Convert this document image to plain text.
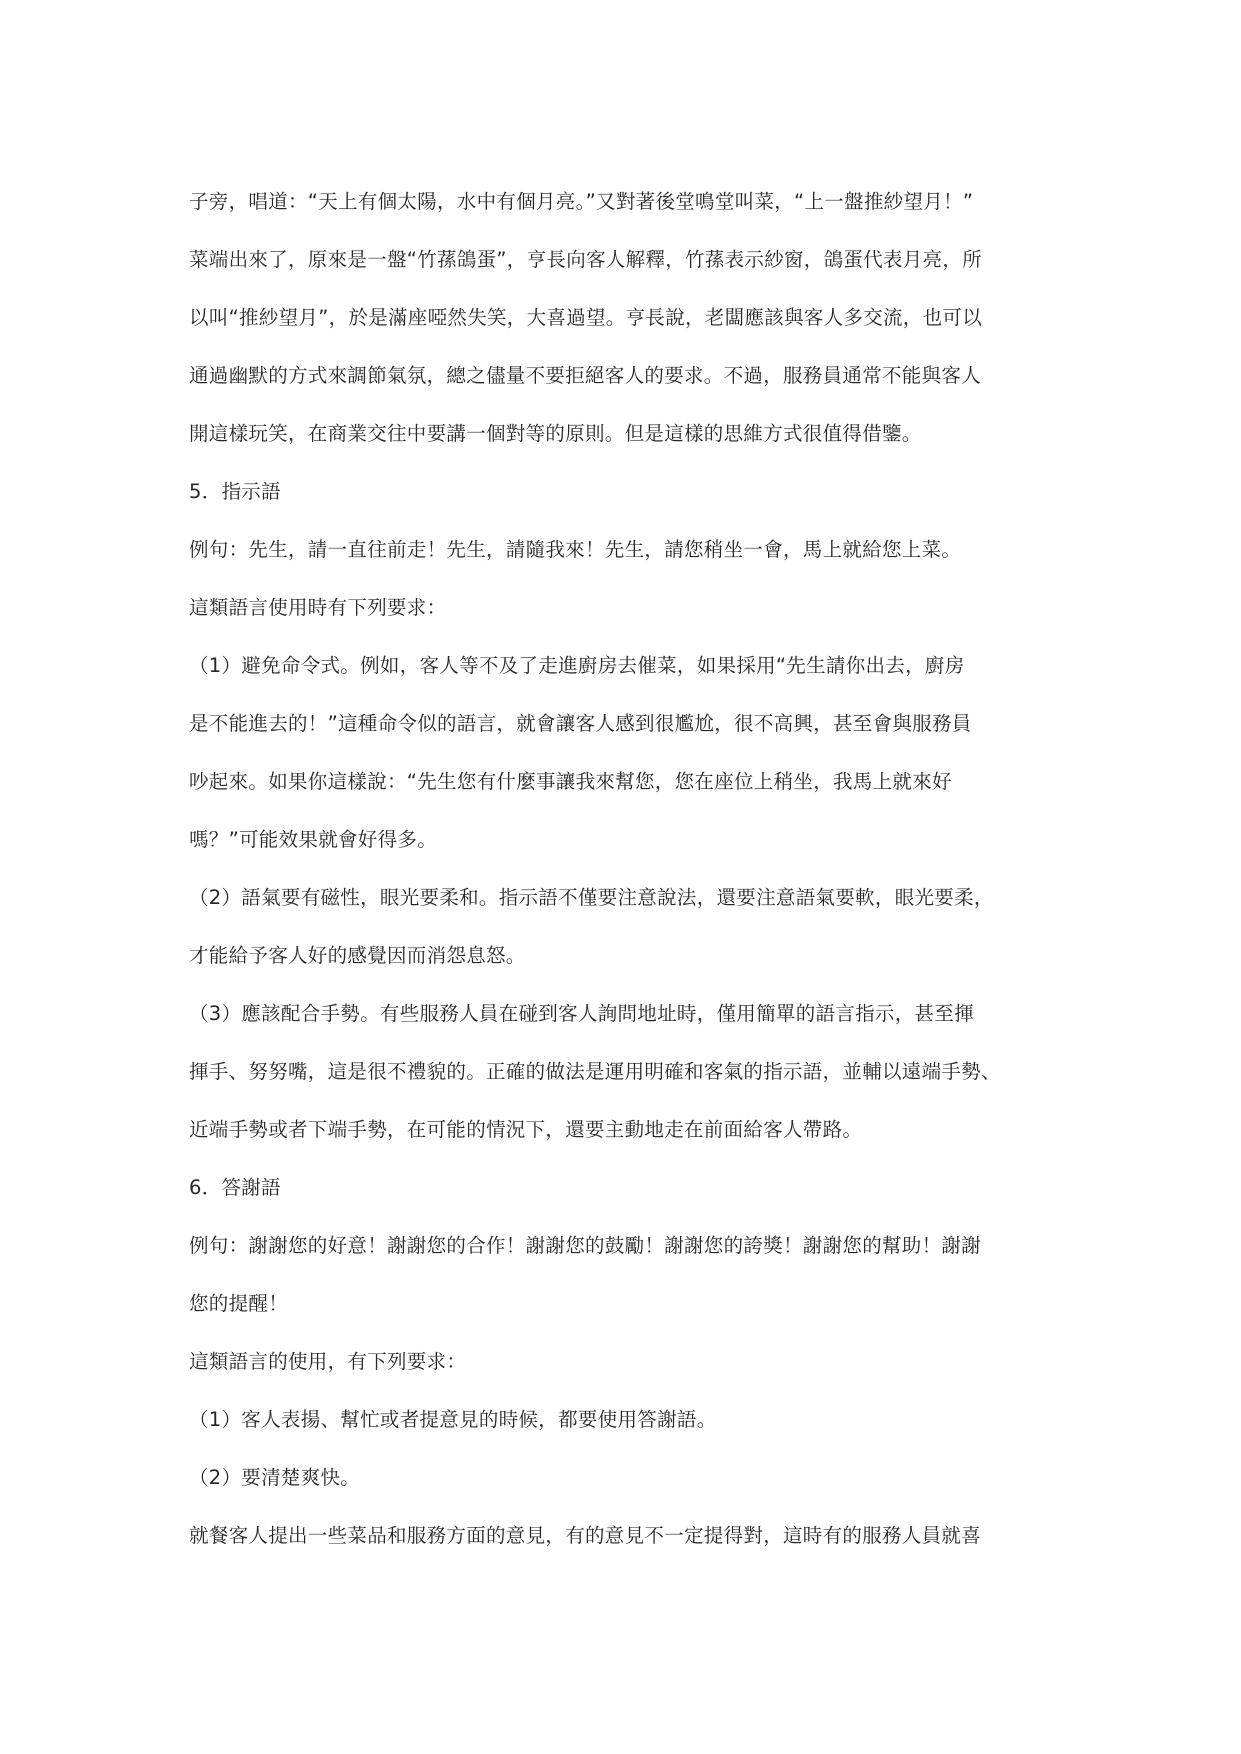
子旁，唱道：“天上有個太陽，水中有個月亮。”又對著後堂鳴堂叫菜，“上一盤推紗望月！”
菜端出來了，原來是一盤“竹蓀鴿蛋”，亨長向客人解釋，竹蓀表示紗窗，鴿蛋代表月亮，所
以叫“推紗望月”，於是滿座啞然失笑，大喜過望。亨長說，老闆應該與客人多交流，也可以
通過幽默的方式來調節氣氛，總之儘量不要拒絕客人的要求。不過，服務員通常不能與客人
開這樣玩笑，在商業交往中要講一個對等的原則。但是這樣的思維方式很值得借鑒。
5．指示語
例句：先生，請一直往前走！先生，請隨我來！先生，請您稍坐一會，馬上就給您上菜。
這類語言使用時有下列要求：
（1）避免命令式。例如，客人等不及了走進廚房去催菜，如果採用“先生請你出去，廚房
是不能進去的！”這種命令似的語言，就會讓客人感到很尷尬，很不高興，甚至會與服務員
吵起來。如果你這樣說：“先生您有什麼事讓我來幫您，您在座位上稍坐，我馬上就來好
嗎？”可能效果就會好得多。
（2）語氣要有磁性，眼光要柔和。指示語不僅要注意說法，還要注意語氣要軟，眼光要柔，
才能給予客人好的感覺因而消怨息怒。
（3）應該配合手勢。有些服務人員在碰到客人詢問地址時，僅用簡單的語言指示，甚至揮
揮手、努努嘴，這是很不禮貌的。正確的做法是運用明確和客氣的指示語，並輔以遠端手勢、
近端手勢或者下端手勢，在可能的情況下，還要主動地走在前面給客人帶路。
6．答謝語
例句：謝謝您的好意！謝謝您的合作！謝謝您的鼓勵！謝謝您的誇獎！謝謝您的幫助！謝謝
您的提醒！
這類語言的使用，有下列要求：
（1）客人表揚、幫忙或者提意見的時候，都要使用答謝語。
（2）要清楚爽快。
就餐客人提出一些菜品和服務方面的意見，有的意見不一定提得對，這時有的服務人員就喜
